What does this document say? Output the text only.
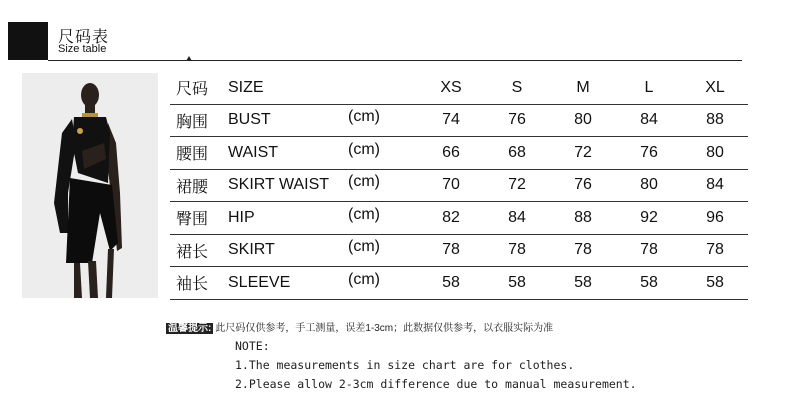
尺码表
Size table
尺码	SIZE		XS	S	M	L	XL
胸围	BUST	(cm)	74	76	80	84	88
腰围	WAIST	(cm)	66	68	72	76	80
裙腰	SKIRT WAIST	(cm)	70	72	76	80	84
臀围	HIP	(cm)	82	84	88	92	96
裙长	SKIRT	(cm)	78	78	78	78	78
袖长	SLEEVE	(cm)	58	58	58	58	58
温馨提示: 此尺码仅供参考，手工测量，误差1-3cm；此数据仅供参考，以衣服实际为准
NOTE:
1.The measurements in size chart are for clothes.
2.Please allow 2-3cm difference due to manual measurement.
